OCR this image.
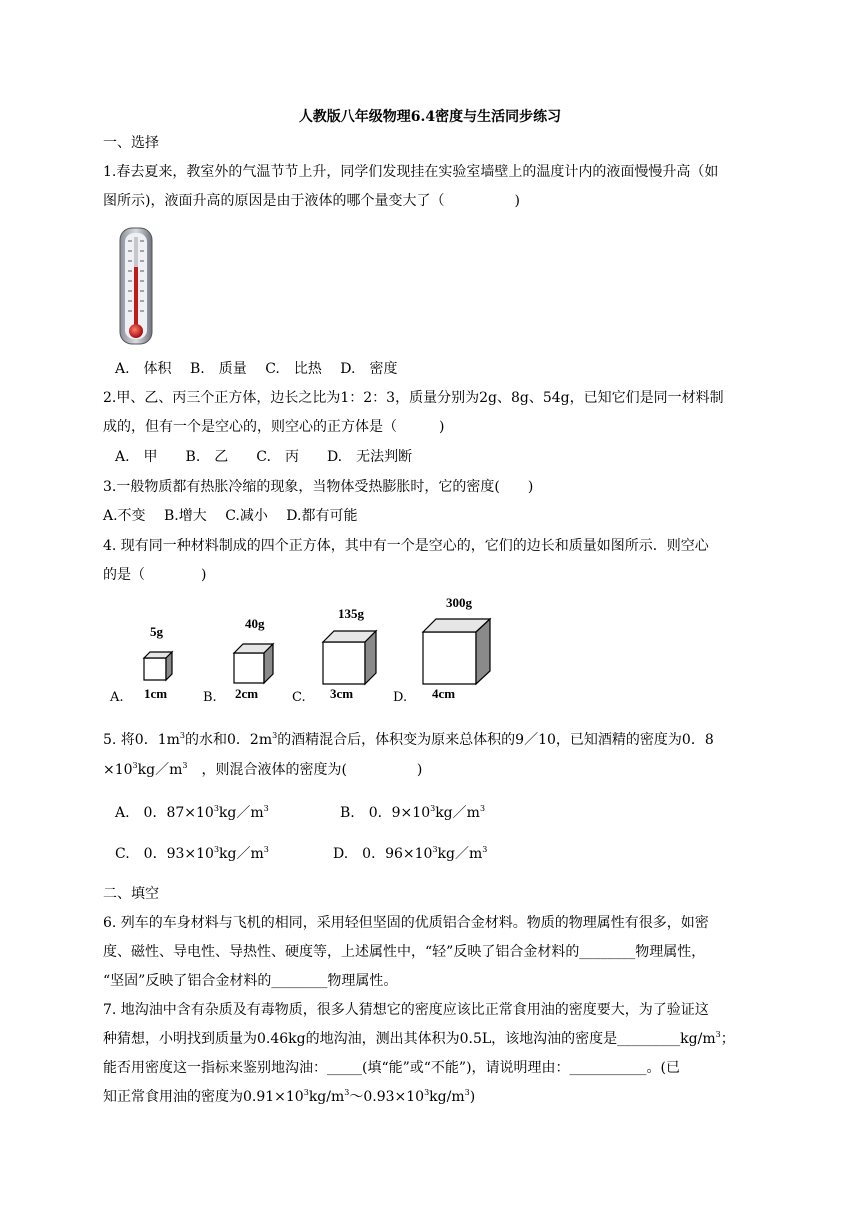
人教版八年级物理6.4密度与生活同步练习
一、选择
1.春去夏来，教室外的气温节节上升，同学们发现挂在实验室墙壁上的温度计内的液面慢慢升高（如
图所示)，液面升高的原因是由于液体的哪个量变大了（　　　　　)
A.　体积　 B.　质量　 C.　比热　 D.　密度
2.甲、乙、丙三个正方体，边长之比为1：2：3，质量分别为2g、8g、54g，已知它们是同一材料制
成的，但有一个是空心的，则空心的正方体是（　　　)
A.　甲　　B.　乙　　C.　丙　　D.　无法判断
3.一般物质都有热胀冷缩的现象，当物体受热膨胀时，它的密度(　　)
A.不变　 B.增大　 C.减小　 D.都有可能
4. 现有同一种材料制成的四个正方体，其中有一个是空心的，它们的边长和质量如图所示．则空心
的是（　　　　)
A.
5g
1cm	B.
40g
2cm	C.
135g
3cm	D.
300g
4cm
5. 将0．$1m^3$的水和0．$2m^3$的酒精混合后，体积变为原来总体积的9／10，已知酒精的密度为0．8
$\times 10^3kg/m^3$　，则混合液体的密度为(　　　　　)
A.　0．$87\times 10^3kg/m^3$	B.　0．$9\times 10^3kg/m^3$
C.　0．$93\times 10^3kg/m^3$	D.　0．$96\times 10^3kg/m^3$
二、填空
6. 列车的车身材料与飞机的相同，采用轻但坚固的优质铝合金材料。物质的物理属性有很多，如密
度、磁性、导电性、导热性、硬度等，上述属性中，“轻”反映了铝合金材料的________物理属性，
“坚固”反映了铝合金材料的________物理属性。
7. 地沟油中含有杂质及有毒物质，很多人猜想它的密度应该比正常食用油的密度要大，为了验证这
种猜想，小明找到质量为0.46kg的地沟油，测出其体积为0.5L，该地沟油的密度是$\_\_\_\_\_\_\_\_\_kg/m^3$；
能否用密度这一指标来鉴别地沟油：_____(填“能”或“不能”)，请说明理由：___________。(已
知正常食用油的密度为$0.91\times 10^3kg/m^3\sim 0.93\times 10^3kg/m^3$)
